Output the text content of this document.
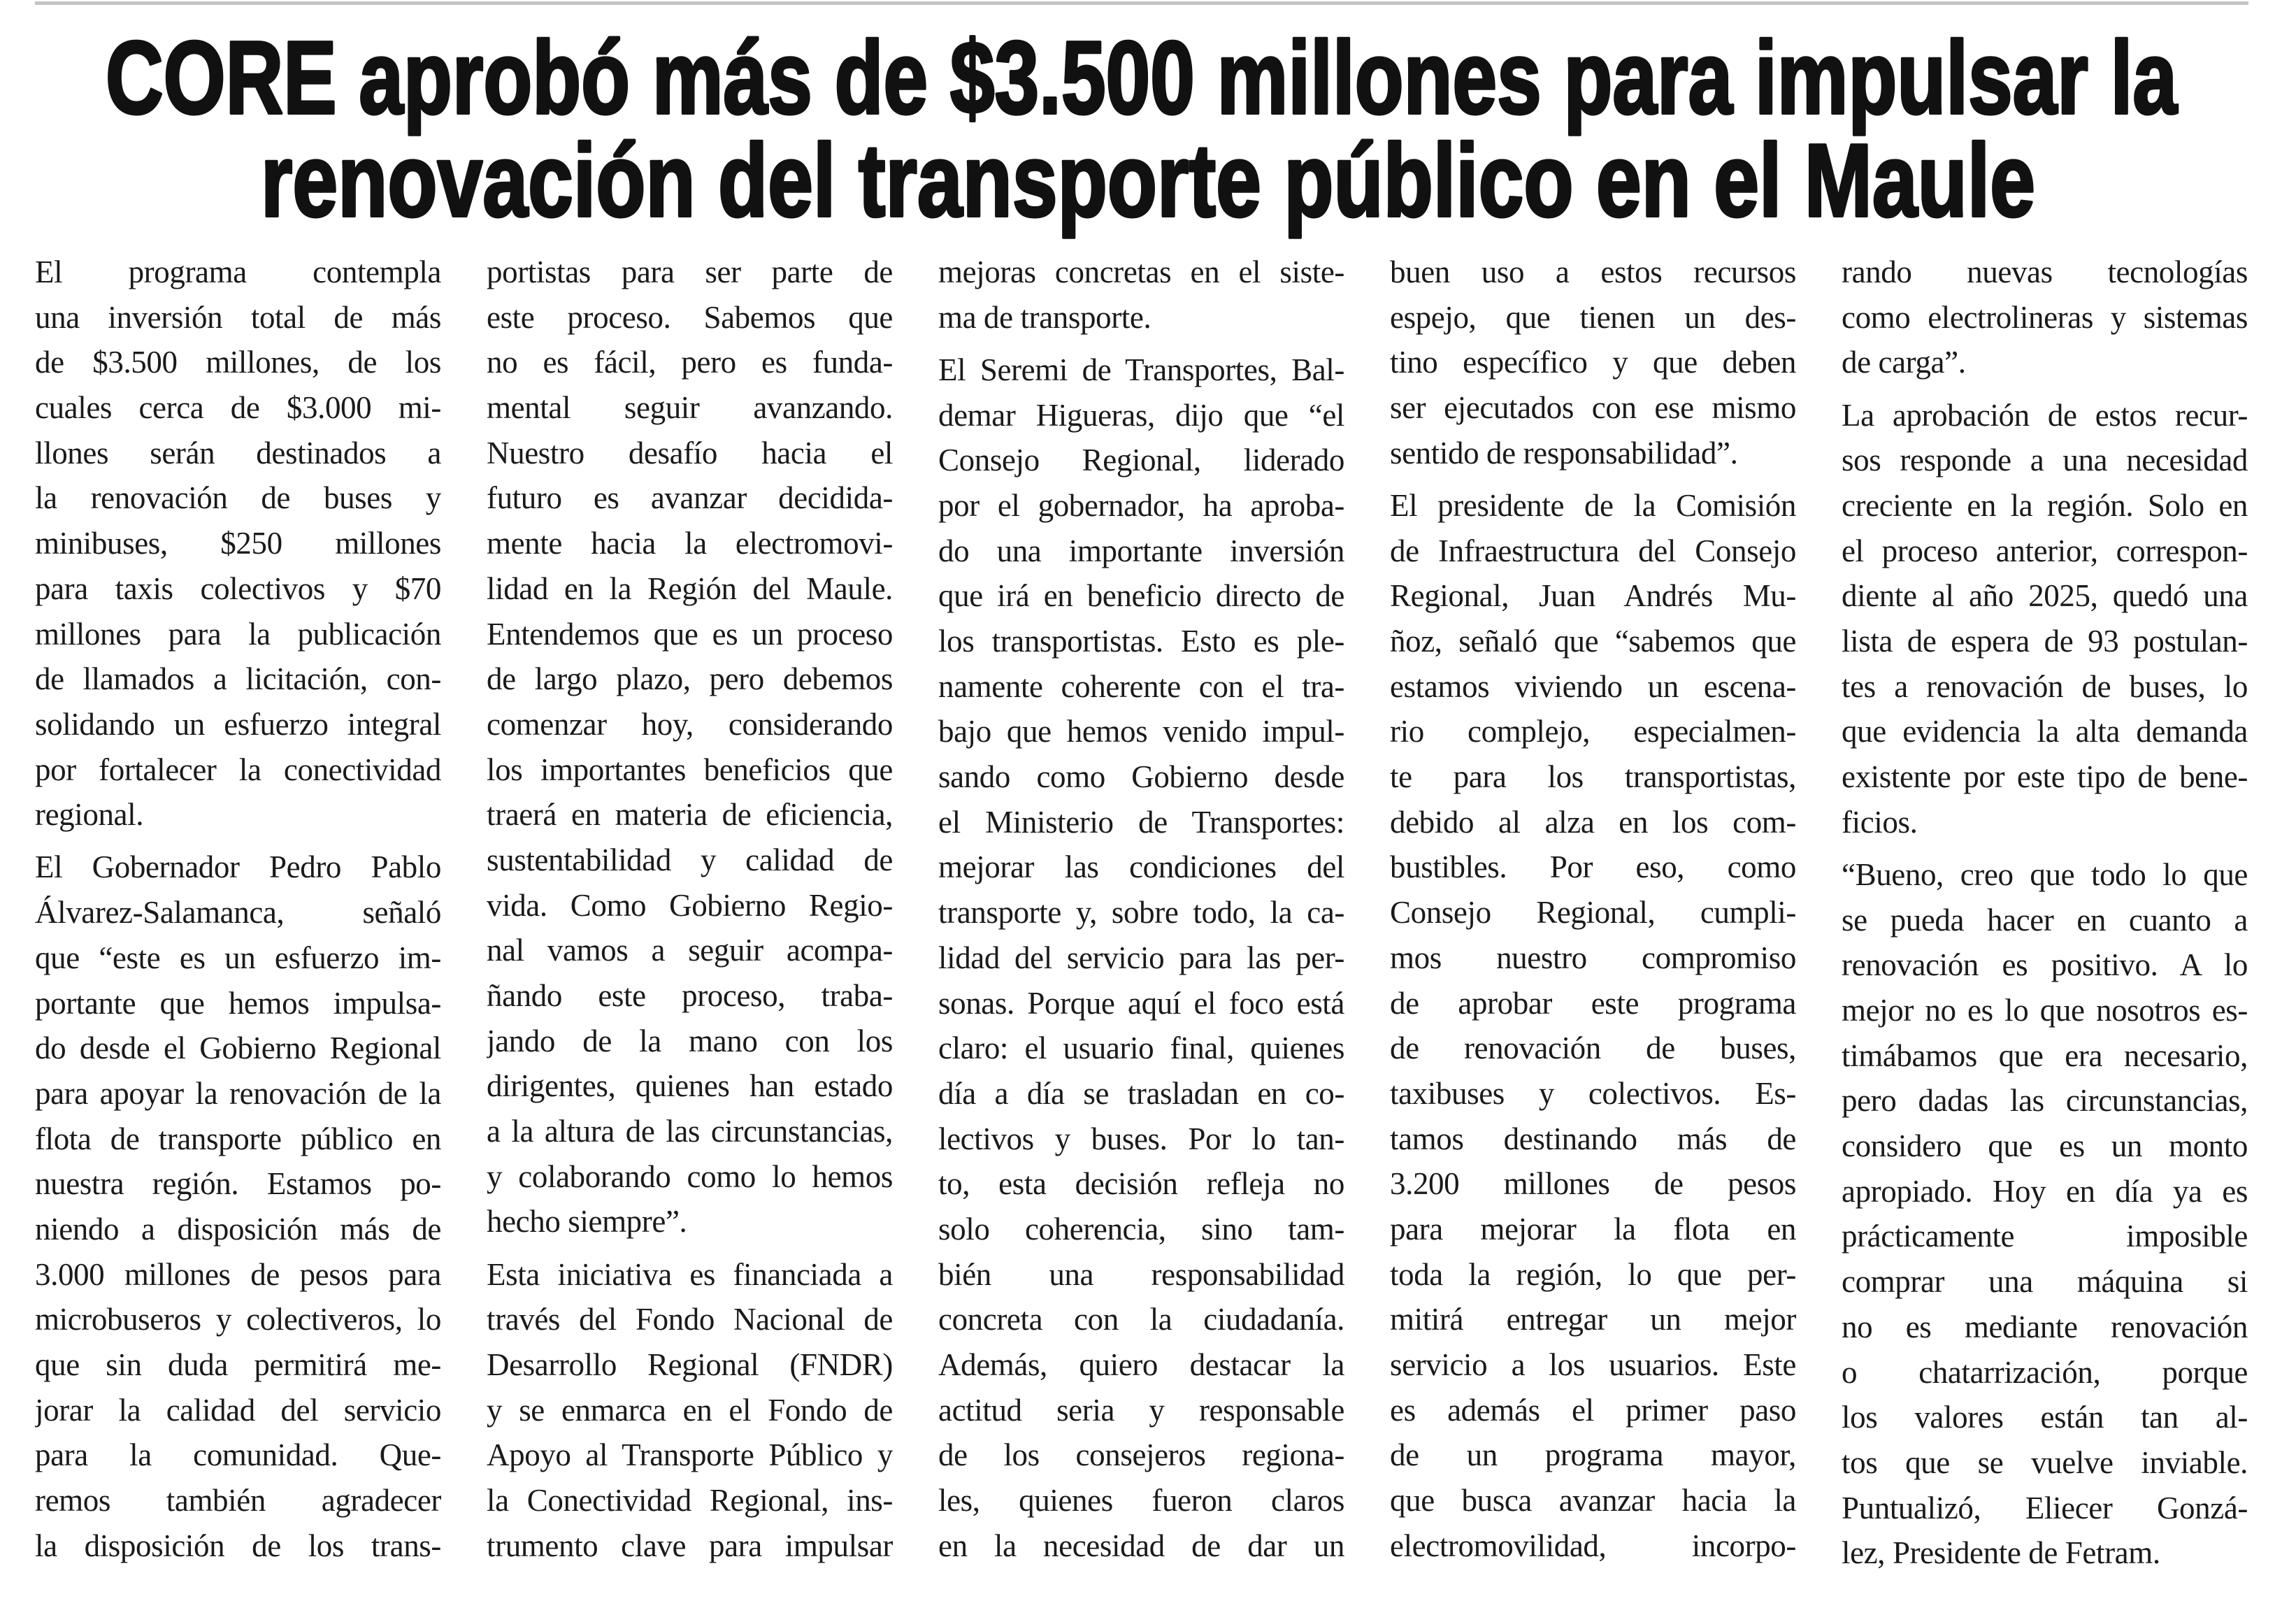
CORE aprobó más de $3.500 millones para impulsar la
renovación del transporte público en el Maule
El programa contempla
una inversión total de más
de $3.500 millones, de los
cuales cerca de $3.000 mi-
llones serán destinados a
la renovación de buses y
minibuses, $250 millones
para taxis colectivos y $70
millones para la publicación
de llamados a licitación, con-
solidando un esfuerzo integral
por fortalecer la conectividad
regional.
El Gobernador Pedro Pablo
Álvarez-Salamanca, señaló
que “este es un esfuerzo im-
portante que hemos impulsa-
do desde el Gobierno Regional
para apoyar la renovación de la
flota de transporte público en
nuestra región. Estamos po-
niendo a disposición más de
3.000 millones de pesos para
microbuseros y colectiveros, lo
que sin duda permitirá me-
jorar la calidad del servicio
para la comunidad. Que-
remos también agradecer
la disposición de los trans-
portistas para ser parte de
este proceso. Sabemos que
no es fácil, pero es funda-
mental seguir avanzando.
Nuestro desafío hacia el
futuro es avanzar decidida-
mente hacia la electromovi-
lidad en la Región del Maule.
Entendemos que es un proceso
de largo plazo, pero debemos
comenzar hoy, considerando
los importantes beneficios que
traerá en materia de eficiencia,
sustentabilidad y calidad de
vida. Como Gobierno Regio-
nal vamos a seguir acompa-
ñando este proceso, traba-
jando de la mano con los
dirigentes, quienes han estado
a la altura de las circunstancias,
y colaborando como lo hemos
hecho siempre”.
Esta iniciativa es financiada a
través del Fondo Nacional de
Desarrollo Regional (FNDR)
y se enmarca en el Fondo de
Apoyo al Transporte Público y
la Conectividad Regional, ins-
trumento clave para impulsar
mejoras concretas en el siste-
ma de transporte.
El Seremi de Transportes, Bal-
demar Higueras, dijo que “el
Consejo Regional, liderado
por el gobernador, ha aproba-
do una importante inversión
que irá en beneficio directo de
los transportistas. Esto es ple-
namente coherente con el tra-
bajo que hemos venido impul-
sando como Gobierno desde
el Ministerio de Transportes:
mejorar las condiciones del
transporte y, sobre todo, la ca-
lidad del servicio para las per-
sonas. Porque aquí el foco está
claro: el usuario final, quienes
día a día se trasladan en co-
lectivos y buses. Por lo tan-
to, esta decisión refleja no
solo coherencia, sino tam-
bién una responsabilidad
concreta con la ciudadanía.
Además, quiero destacar la
actitud seria y responsable
de los consejeros regiona-
les, quienes fueron claros
en la necesidad de dar un
buen uso a estos recursos
espejo, que tienen un des-
tino específico y que deben
ser ejecutados con ese mismo
sentido de responsabilidad”.
El presidente de la Comisión
de Infraestructura del Consejo
Regional, Juan Andrés Mu-
ñoz, señaló que “sabemos que
estamos viviendo un escena-
rio complejo, especialmen-
te para los transportistas,
debido al alza en los com-
bustibles. Por eso, como
Consejo Regional, cumpli-
mos nuestro compromiso
de aprobar este programa
de renovación de buses,
taxibuses y colectivos. Es-
tamos destinando más de
3.200 millones de pesos
para mejorar la flota en
toda la región, lo que per-
mitirá entregar un mejor
servicio a los usuarios. Este
es además el primer paso
de un programa mayor,
que busca avanzar hacia la
electromovilidad, incorpo-
rando nuevas tecnologías
como electrolineras y sistemas
de carga”.
La aprobación de estos recur-
sos responde a una necesidad
creciente en la región. Solo en
el proceso anterior, correspon-
diente al año 2025, quedó una
lista de espera de 93 postulan-
tes a renovación de buses, lo
que evidencia la alta demanda
existente por este tipo de bene-
ficios.
“Bueno, creo que todo lo que
se pueda hacer en cuanto a
renovación es positivo. A lo
mejor no es lo que nosotros es-
timábamos que era necesario,
pero dadas las circunstancias,
considero que es un monto
apropiado. Hoy en día ya es
prácticamente imposible
comprar una máquina si
no es mediante renovación
o chatarrización, porque
los valores están tan al-
tos que se vuelve inviable.
Puntualizó, Eliecer Gonzá-
lez, Presidente de Fetram.
